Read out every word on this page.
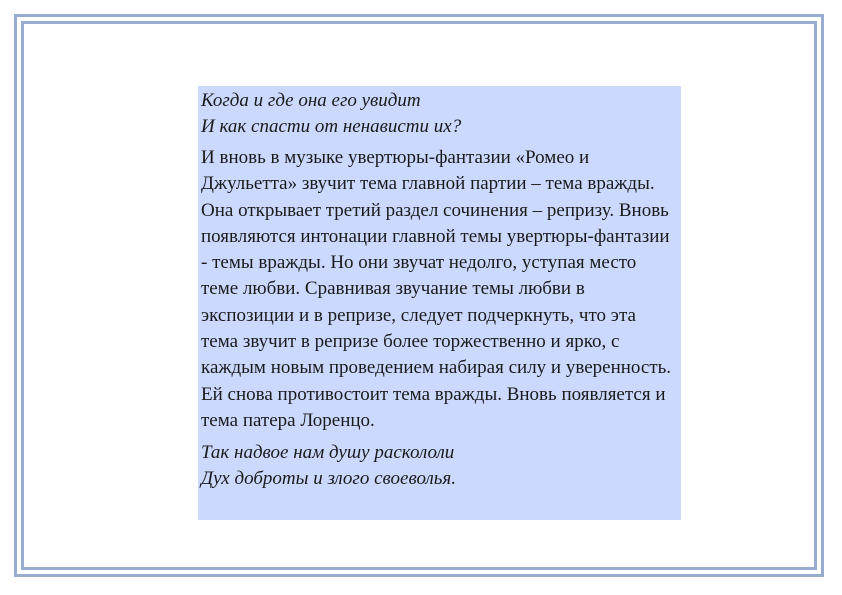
Когда и где она его увидит
И как спасти от ненависти их?

И вновь в музыке увертюры-фантазии «Ромео и Джульетта» звучит тема главной партии – тема вражды. Она открывает третий раздел сочинения – репризу. Вновь появляются интонации главной темы увертюры-фантазии - темы вражды. Но они звучат недолго, уступая место теме любви. Сравнивая звучание темы любви в экспозиции и в репризе, следует подчеркнуть, что эта тема звучит в репризе более торжественно и ярко, с каждым новым проведением набирая силу и уверенность. Ей снова противостоит тема вражды. Вновь появляется и тема патера Лоренцо.

Так надвое нам душу раскололи
Дух доброты и злого своеволья.
